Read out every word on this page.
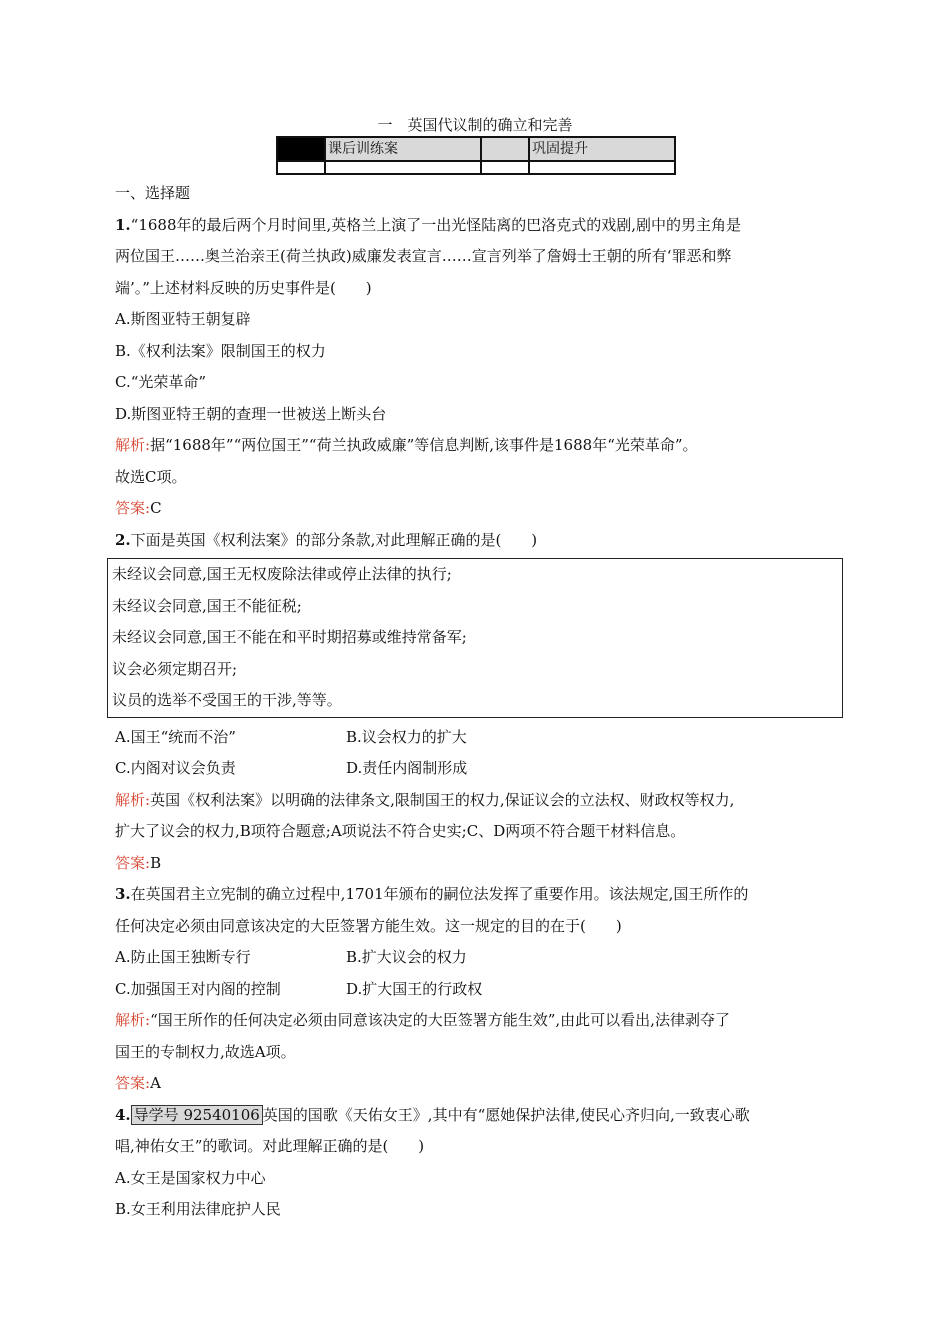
一　英国代议制的确立和完善
	课后训练案		巩固提升

一、选择题
1.“1688年的最后两个月时间里,英格兰上演了一出光怪陆离的巴洛克式的戏剧,剧中的男主角是
两位国王……奥兰治亲王(荷兰执政)威廉发表宣言……宣言列举了詹姆士王朝的所有‘罪恶和弊
端’。”上述材料反映的历史事件是(　　)
A.斯图亚特王朝复辟
B.《权利法案》限制国王的权力
C.“光荣革命”
D.斯图亚特王朝的查理一世被送上断头台
解析:据“1688年”“两位国王”“荷兰执政威廉”等信息判断,该事件是1688年“光荣革命”。
故选C项。
答案:C
2.下面是英国《权利法案》的部分条款,对此理解正确的是(　　)
未经议会同意,国王无权废除法律或停止法律的执行;
未经议会同意,国王不能征税;
未经议会同意,国王不能在和平时期招募或维持常备军;
议会必须定期召开;
议员的选举不受国王的干涉,等等。
A.国王“统而不治”	B.议会权力的扩大
C.内阁对议会负责	D.责任内阁制形成
解析:英国《权利法案》以明确的法律条文,限制国王的权力,保证议会的立法权、财政权等权力,
扩大了议会的权力,B项符合题意;A项说法不符合史实;C、D两项不符合题干材料信息。
答案:B
3.在英国君主立宪制的确立过程中,1701年颁布的嗣位法发挥了重要作用。该法规定,国王所作的
任何决定必须由同意该决定的大臣签署方能生效。这一规定的目的在于(　　)
A.防止国王独断专行	B.扩大议会的权力
C.加强国王对内阁的控制	D.扩大国王的行政权
解析:“国王所作的任何决定必须由同意该决定的大臣签署方能生效”,由此可以看出,法律剥夺了
国王的专制权力,故选A项。
答案:A
4. 导学号 92540106 英国的国歌《天佑女王》,其中有“愿她保护法律,使民心齐归向,一致衷心歌
唱,神佑女王”的歌词。对此理解正确的是(　　)
A.女王是国家权力中心
B.女王利用法律庇护人民
